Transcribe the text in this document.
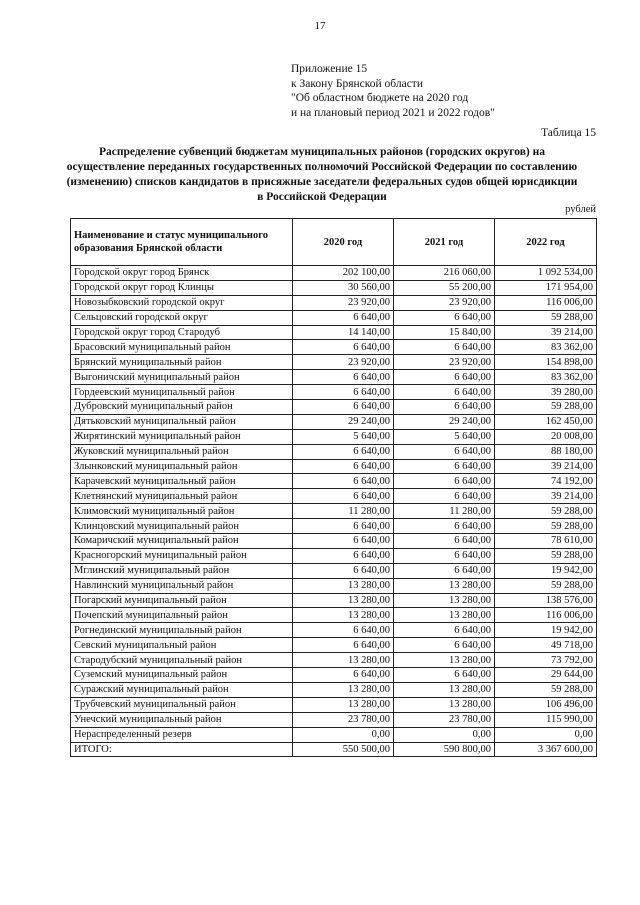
17
Приложение 15
к Закону Брянской области
"Об областном бюджете на 2020 год
и на плановый период 2021 и 2022 годов"
Таблица 15
Распределение субвенций бюджетам муниципальных районов (городских округов) на
осуществление переданных государственных полномочий Российской Федерации по составлению
(изменению) списков кандидатов в присяжные заседатели федеральных судов общей юрисдикции
в Российской Федерации
рублей
Наименование и статус муниципального образования Брянской области	2020 год	2021 год	2022 год
Городской округ город Брянск	202 100,00	216 060,00	1 092 534,00
Городской округ город Клинцы	30 560,00	55 200,00	171 954,00
Новозыбковский городской округ	23 920,00	23 920,00	116 006,00
Сельцовский городской округ	6 640,00	6 640,00	59 288,00
Городской округ город Стародуб	14 140,00	15 840,00	39 214,00
Брасовский муниципальный район	6 640,00	6 640,00	83 362,00
Брянский муниципальный район	23 920,00	23 920,00	154 898,00
Выгоничский муниципальный район	6 640,00	6 640,00	83 362,00
Гордеевский муниципальный район	6 640,00	6 640,00	39 280,00
Дубровский муниципальный район	6 640,00	6 640,00	59 288,00
Дятьковский муниципальный район	29 240,00	29 240,00	162 450,00
Жирятинский муниципальный район	5 640,00	5 640,00	20 008,00
Жуковский муниципальный район	6 640,00	6 640,00	88 180,00
Злынковский муниципальный район	6 640,00	6 640,00	39 214,00
Карачевский муниципальный район	6 640,00	6 640,00	74 192,00
Клетнянский муниципальный район	6 640,00	6 640,00	39 214,00
Климовский муниципальный район	11 280,00	11 280,00	59 288,00
Клинцовский муниципальный район	6 640,00	6 640,00	59 288,00
Комаричский муниципальный район	6 640,00	6 640,00	78 610,00
Красногорский муниципальный район	6 640,00	6 640,00	59 288,00
Мглинский муниципальный район	6 640,00	6 640,00	19 942,00
Навлинский муниципальный район	13 280,00	13 280,00	59 288,00
Погарский муниципальный район	13 280,00	13 280,00	138 576,00
Почепский муниципальный район	13 280,00	13 280,00	116 006,00
Рогнединский муниципальный район	6 640,00	6 640,00	19 942,00
Севский муниципальный район	6 640,00	6 640,00	49 718,00
Стародубский муниципальный район	13 280,00	13 280,00	73 792,00
Суземский муниципальный район	6 640,00	6 640,00	29 644,00
Суражский муниципальный район	13 280,00	13 280,00	59 288,00
Трубчевский муниципальный район	13 280,00	13 280,00	106 496,00
Унечский муниципальный район	23 780,00	23 780,00	115 990,00
Нераспределенный резерв	0,00	0,00	0,00
ИТОГО:	550 500,00	590 800,00	3 367 600,00
